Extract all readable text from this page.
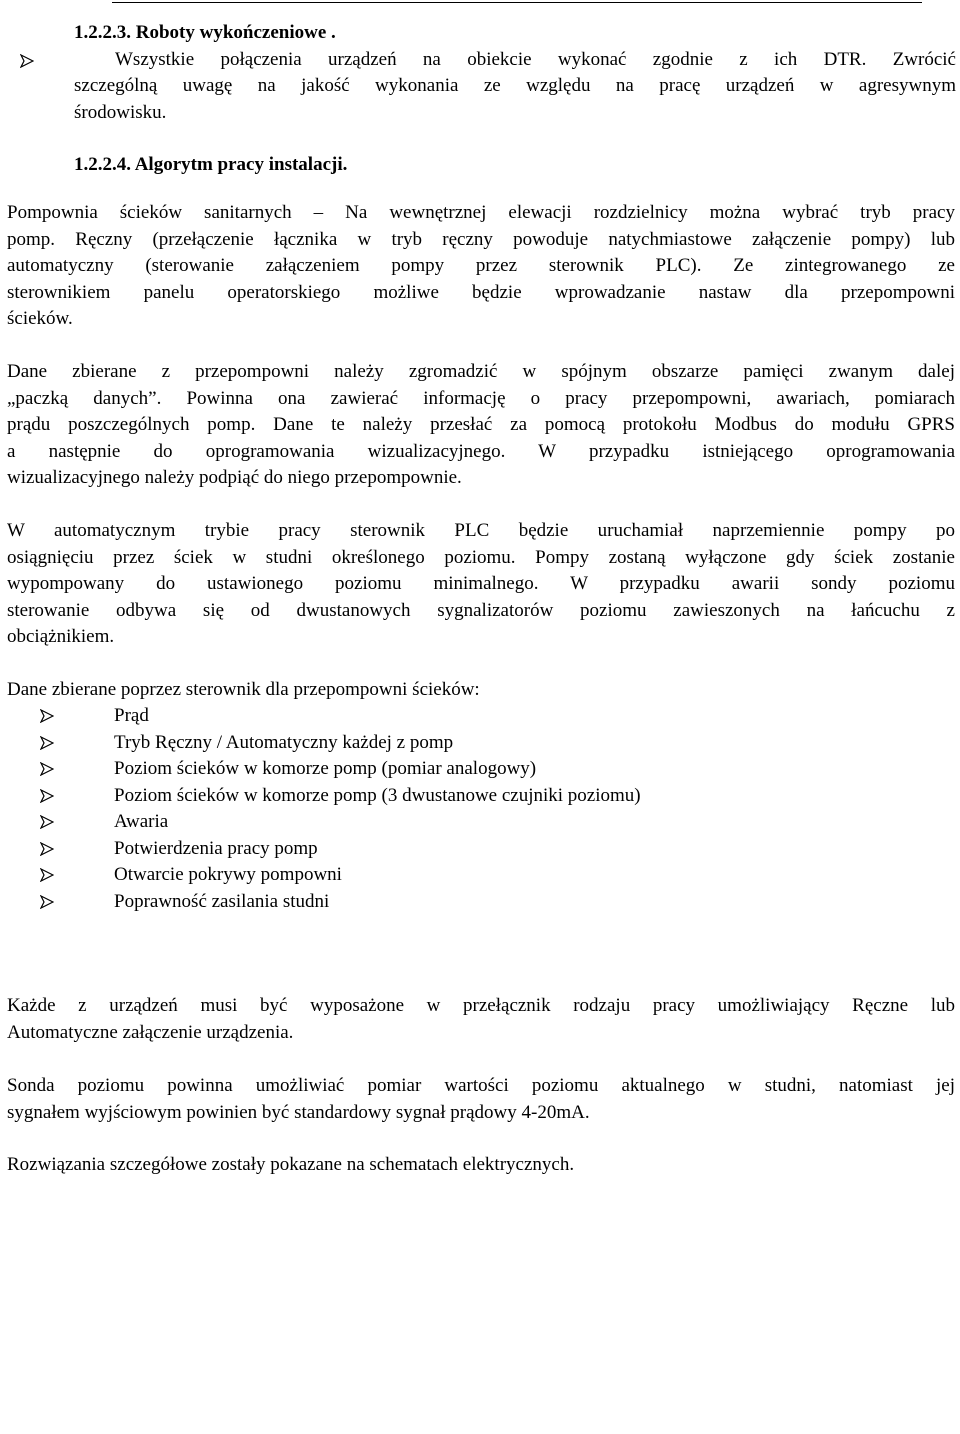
1.2.2.3. Roboty wykończeniowe .
Wszystkie połączenia urządzeń na obiekcie wykonać zgodnie z ich DTR. Zwrócić
szczególną uwagę na jakość wykonania ze względu na pracę urządzeń w agresywnym
środowisku.
1.2.2.4. Algorytm pracy instalacji.
Pompownia ścieków sanitarnych – Na wewnętrznej elewacji rozdzielnicy można wybrać tryb pracy
pomp. Ręczny (przełączenie łącznika w tryb ręczny powoduje natychmiastowe załączenie pompy) lub
automatyczny (sterowanie załączeniem pompy przez sterownik PLC). Ze zintegrowanego ze
sterownikiem panelu operatorskiego możliwe będzie wprowadzanie nastaw dla przepompowni
ścieków.
Dane zbierane z przepompowni należy zgromadzić w spójnym obszarze pamięci zwanym dalej
„paczką danych”. Powinna ona zawierać informację o pracy przepompowni, awariach, pomiarach
prądu poszczególnych pomp. Dane te należy przesłać za pomocą protokołu Modbus do modułu GPRS
a następnie do oprogramowania wizualizacyjnego. W przypadku istniejącego oprogramowania
wizualizacyjnego należy podpiąć do niego przepompownie.
W automatycznym trybie pracy sterownik PLC będzie uruchamiał naprzemiennie pompy po
osiągnięciu przez ściek w studni określonego poziomu. Pompy zostaną wyłączone gdy ściek zostanie
wypompowany do ustawionego poziomu minimalnego. W przypadku awarii sondy poziomu
sterowanie odbywa się od dwustanowych sygnalizatorów poziomu zawieszonych na łańcuchu z
obciążnikiem.
Dane zbierane poprzez sterownik dla przepompowni ścieków:
Prąd
Tryb Ręczny / Automatyczny każdej z pomp
Poziom ścieków w komorze pomp (pomiar analogowy)
Poziom ścieków w komorze pomp (3 dwustanowe czujniki poziomu)
Awaria
Potwierdzenia pracy pomp
Otwarcie pokrywy pompowni
Poprawność zasilania studni
Każde z urządzeń musi być wyposażone w przełącznik rodzaju pracy umożliwiający Ręczne lub
Automatyczne załączenie urządzenia.
Sonda poziomu powinna umożliwiać pomiar wartości poziomu aktualnego w studni, natomiast jej
sygnałem wyjściowym powinien być standardowy sygnał prądowy 4-20mA.
Rozwiązania szczegółowe zostały pokazane na schematach elektrycznych.
